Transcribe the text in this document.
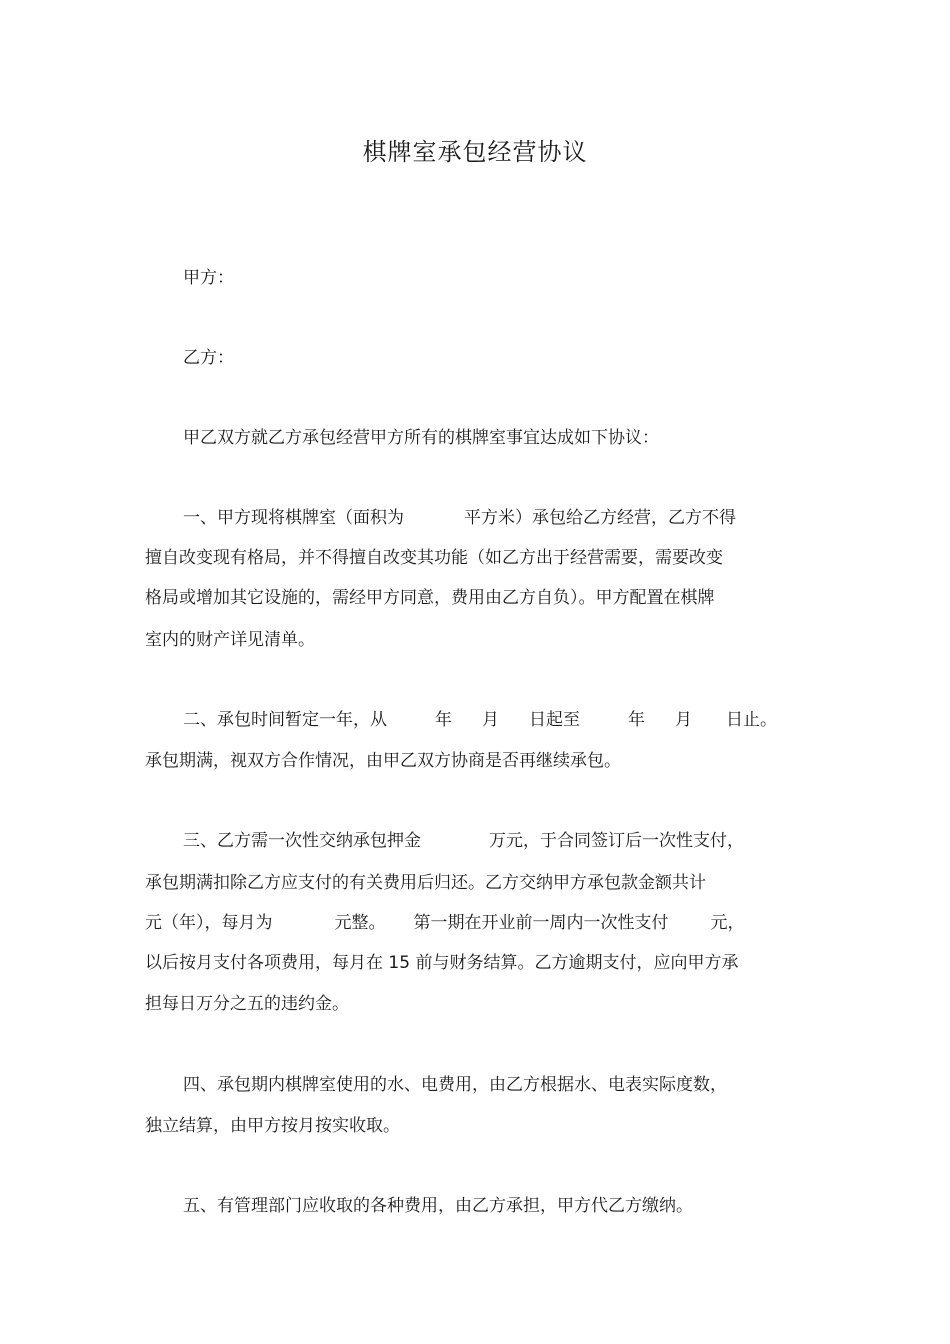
棋牌室承包经营协议
甲方：
乙方：
甲乙双方就乙方承包经营甲方所有的棋牌室事宜达成如下协议：
一、甲方现将棋牌室（面积为	平方米）承包给乙方经营，乙方不得
擅自改变现有格局，并不得擅自改变其功能（如乙方出于经营需要，需要改变
格局或增加其它设施的，需经甲方同意，费用由乙方自负）。甲方配置在棋牌
室内的财产详见清单。
二、承包时间暂定一年，从	年 月 日起至	年 月 日止。
承包期满，视双方合作情况，由甲乙双方协商是否再继续承包。
三、乙方需一次性交纳承包押金	万元，于合同签订后一次性支付，
承包期满扣除乙方应支付的有关费用后归还。乙方交纳甲方承包款金额共计
元（年），每月为	元整。 第一期在开业前一周内一次性支付 元，
以后按月支付各项费用，每月在 15 前与财务结算。乙方逾期支付，应向甲方承
担每日万分之五的违约金。
四、承包期内棋牌室使用的水、电费用，由乙方根据水、电表实际度数，
独立结算，由甲方按月按实收取。
五、有管理部门应收取的各种费用，由乙方承担，甲方代乙方缴纳。
